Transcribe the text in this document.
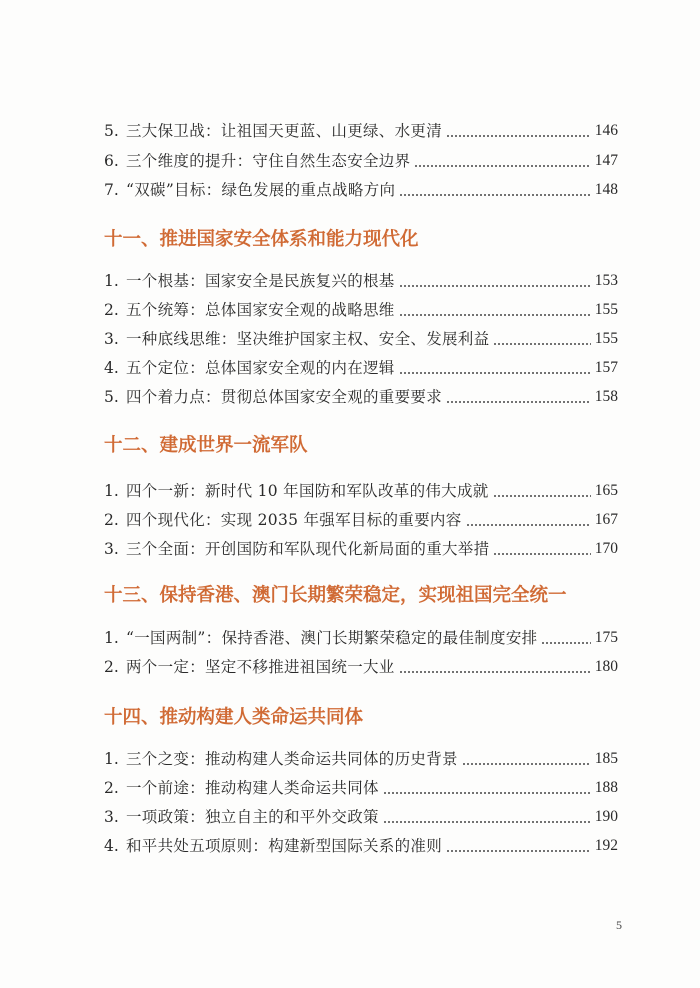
5. 三大保卫战：让祖国天更蓝、山更绿、水更清	146
6. 三个维度的提升：守住自然生态安全边界	147
7. “双碳”目标：绿色发展的重点战略方向	148
十一、推进国家安全体系和能力现代化
1. 一个根基：国家安全是民族复兴的根基	153
2. 五个统筹：总体国家安全观的战略思维	155
3. 一种底线思维：坚决维护国家主权、安全、发展利益	155
4. 五个定位：总体国家安全观的内在逻辑	157
5. 四个着力点：贯彻总体国家安全观的重要要求	158
十二、建成世界一流军队
1. 四个一新：新时代 10 年国防和军队改革的伟大成就	165
2. 四个现代化：实现 2035 年强军目标的重要内容	167
3. 三个全面：开创国防和军队现代化新局面的重大举措	170
十三、保持香港、澳门长期繁荣稳定，实现祖国完全统一
1. “一国两制”：保持香港、澳门长期繁荣稳定的最佳制度安排	175
2. 两个一定：坚定不移推进祖国统一大业	180
十四、推动构建人类命运共同体
1. 三个之变：推动构建人类命运共同体的历史背景	185
2. 一个前途：推动构建人类命运共同体	188
3. 一项政策：独立自主的和平外交政策	190
4. 和平共处五项原则：构建新型国际关系的准则	192
5
